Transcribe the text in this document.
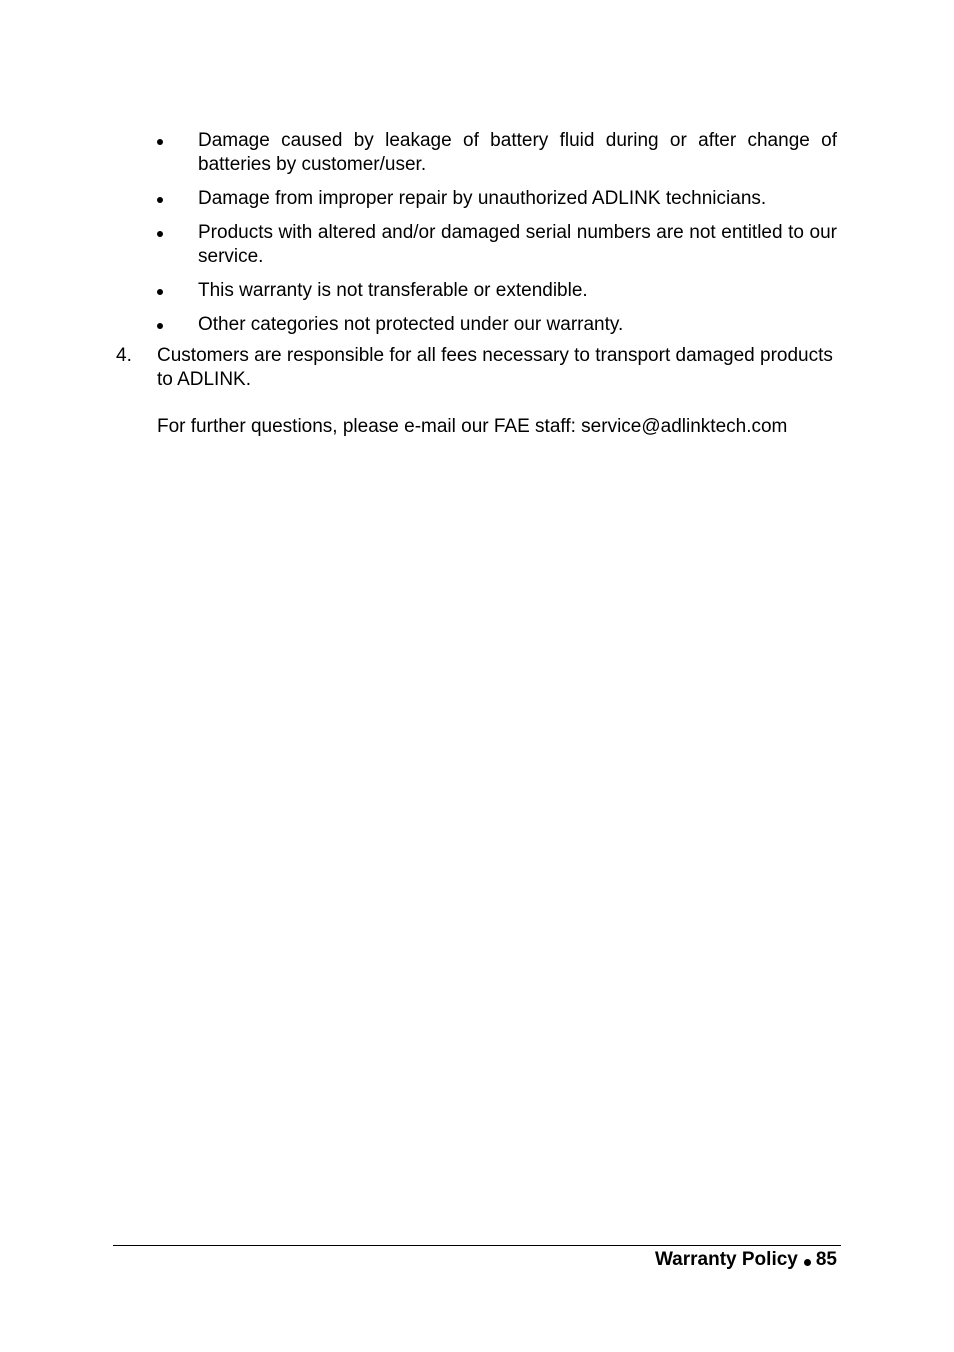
Damage caused by leakage of battery fluid during or after change of batteries by customer/user.
Damage from improper repair by unauthorized ADLINK technicians.
Products with altered and/or damaged serial numbers are not entitled to our service.
This warranty is not transferable or extendible.
Other categories not protected under our warranty.
4. Customers are responsible for all fees necessary to transport damaged products to ADLINK.
For further questions, please e-mail our FAE staff: service@adlinktech.com
Warranty Policy 85
